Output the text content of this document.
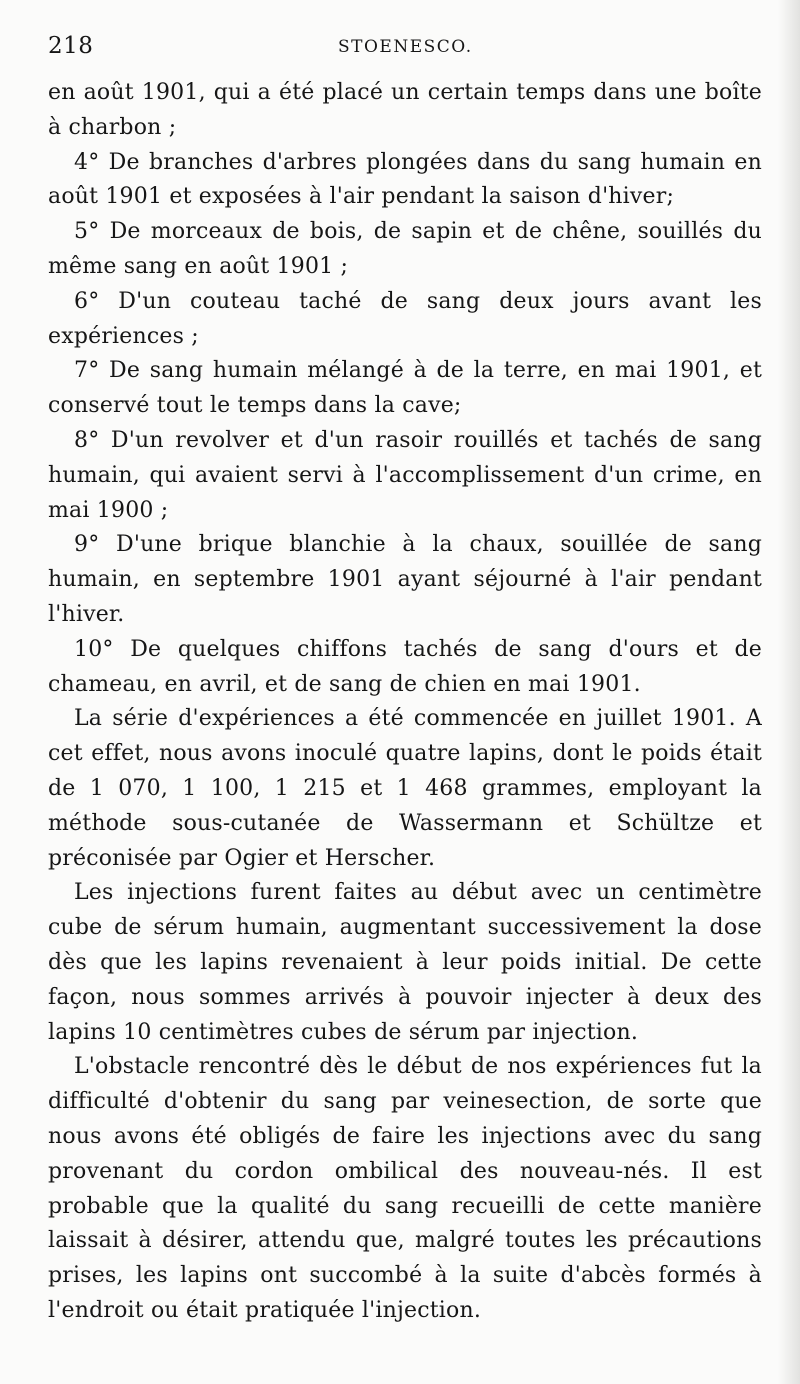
218	STOENESCO.

en août 1901, qui a été placé un certain temps dans une boîte à charbon ;

4° De branches d'arbres plongées dans du sang humain en août 1901 et exposées à l'air pendant la saison d'hiver;

5° De morceaux de bois, de sapin et de chêne, souillés du même sang en août 1901 ;

6° D'un couteau taché de sang deux jours avant les expériences ;

7° De sang humain mélangé à de la terre, en mai 1901, et conservé tout le temps dans la cave;

8° D'un revolver et d'un rasoir rouillés et tachés de sang humain, qui avaient servi à l'accomplissement d'un crime, en mai 1900 ;

9° D'une brique blanchie à la chaux, souillée de sang humain, en septembre 1901 ayant séjourné à l'air pendant l'hiver.

10° De quelques chiffons tachés de sang d'ours et de chameau, en avril, et de sang de chien en mai 1901.

La série d'expériences a été commencée en juillet 1901. A cet effet, nous avons inoculé quatre lapins, dont le poids était de 1 070, 1 100, 1 215 et 1 468 grammes, employant la méthode sous-cutanée de Wassermann et Schültze et préconisée par Ogier et Herscher.

Les injections furent faites au début avec un centimètre cube de sérum humain, augmentant successivement la dose dès que les lapins revenaient à leur poids initial. De cette façon, nous sommes arrivés à pouvoir injecter à deux des lapins 10 centimètres cubes de sérum par injection.

L'obstacle rencontré dès le début de nos expériences fut la difficulté d'obtenir du sang par veinesection, de sorte que nous avons été obligés de faire les injections avec du sang provenant du cordon ombilical des nouveau-nés. Il est probable que la qualité du sang recueilli de cette manière laissait à désirer, attendu que, malgré toutes les précautions prises, les lapins ont succombé à la suite d'abcès formés à l'endroit ou était pratiquée l'injection.
